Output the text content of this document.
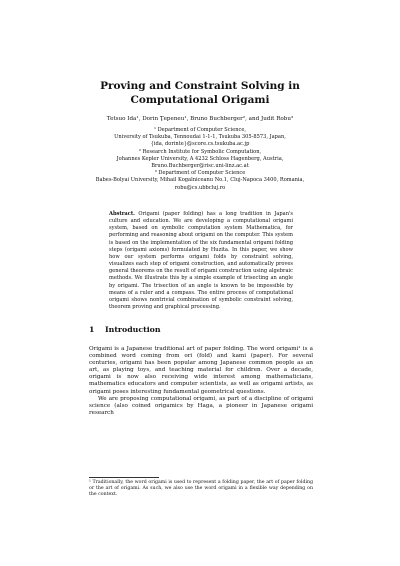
Proving and Constraint Solving in
Computational Origami
Tetsuo Ida¹, Dorin Ţepeneu¹, Bruno Buchberger², and Judit Robu³
¹ Department of Computer Science,
University of Tsukuba, Tennoudai 1-1-1, Tsukuba 305-8573, Japan,
{ida, dorinte}@score.cs.tsukuba.ac.jp
² Research Institute for Symbolic Computation,
Johannes Kepler University, A 4232 Schloss Hagenberg, Austria,
Bruno.Buchberger@risc.uni-linz.ac.at
³ Department of Computer Science
Babes-Bolyai University, Mihail Kogalniceanu No.1, Cluj-Napoca 3400, Romania,
robu@cs.ubbcluj.ro
Abstract. Origami (paper folding) has a long tradition in Japan's culture and education. We are developing a computational origami system, based on symbolic computation system Mathematica, for performing and reasoning about origami on the computer. This system is based on the implementation of the six fundamental origami folding steps (origami axioms) formulated by Huzita. In this paper, we show how our system performs origami folds by constraint solving, visualizes each step of origami construction, and automatically proves general theorems on the result of origami construction using algebraic methods. We illustrate this by a simple example of trisecting an angle by origami. The trisection of an angle is known to be impossible by means of a ruler and a compass. The entire process of computational origami shows nontrivial combination of symbolic constraint solving, theorem proving and graphical processing.
1 Introduction

Origami is a Japanese traditional art of paper folding. The word origami¹ is a combined word coming from ori (fold) and kami (paper). For several centuries, origami has been popular among Japanese common people as an art, as playing toys, and teaching material for children. Over a decade, origami is now also receiving wide interest among mathematicians, mathematics educators and computer scientists, as well as origami artists, as origami poses interesting fundamental geometrical questions.

We are proposing computational origami, as part of a discipline of origami science (also coined origamics by Haga, a pioneer in Japanese origami research

¹ Traditionally, the word origami is used to represent a folding paper, the art of paper folding or the art of origami. As such, we also use the word origami in a flexible way depending on the context.
